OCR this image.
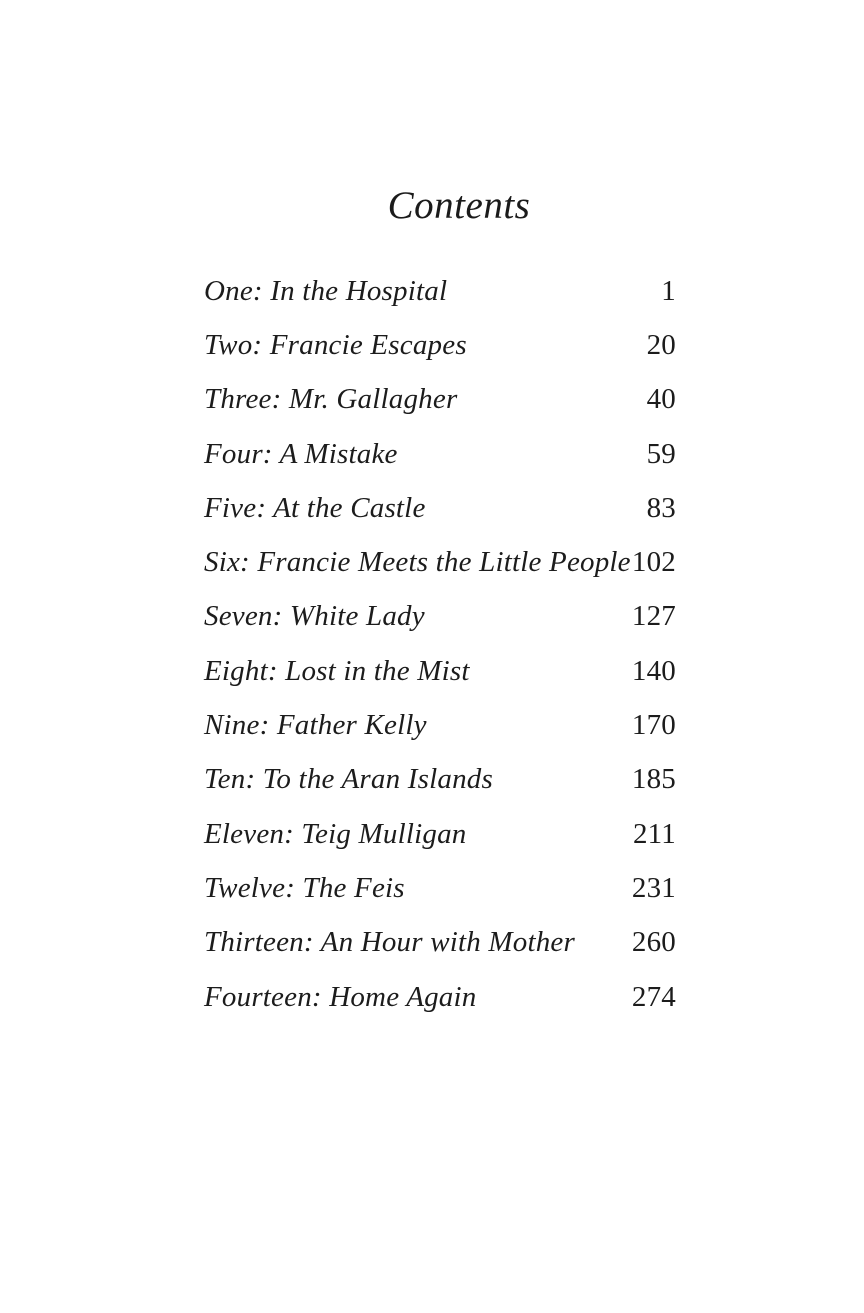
Contents
One: In the Hospital	1
Two: Francie Escapes	20
Three: Mr. Gallagher	40
Four: A Mistake	59
Five: At the Castle	83
Six: Francie Meets the Little People 102
Seven: White Lady	127
Eight: Lost in the Mist	140
Nine: Father Kelly	170
Ten: To the Aran Islands	185
Eleven: Teig Mulligan	211
Twelve: The Feis	231
Thirteen: An Hour with Mother 260
Fourteen: Home Again	274
